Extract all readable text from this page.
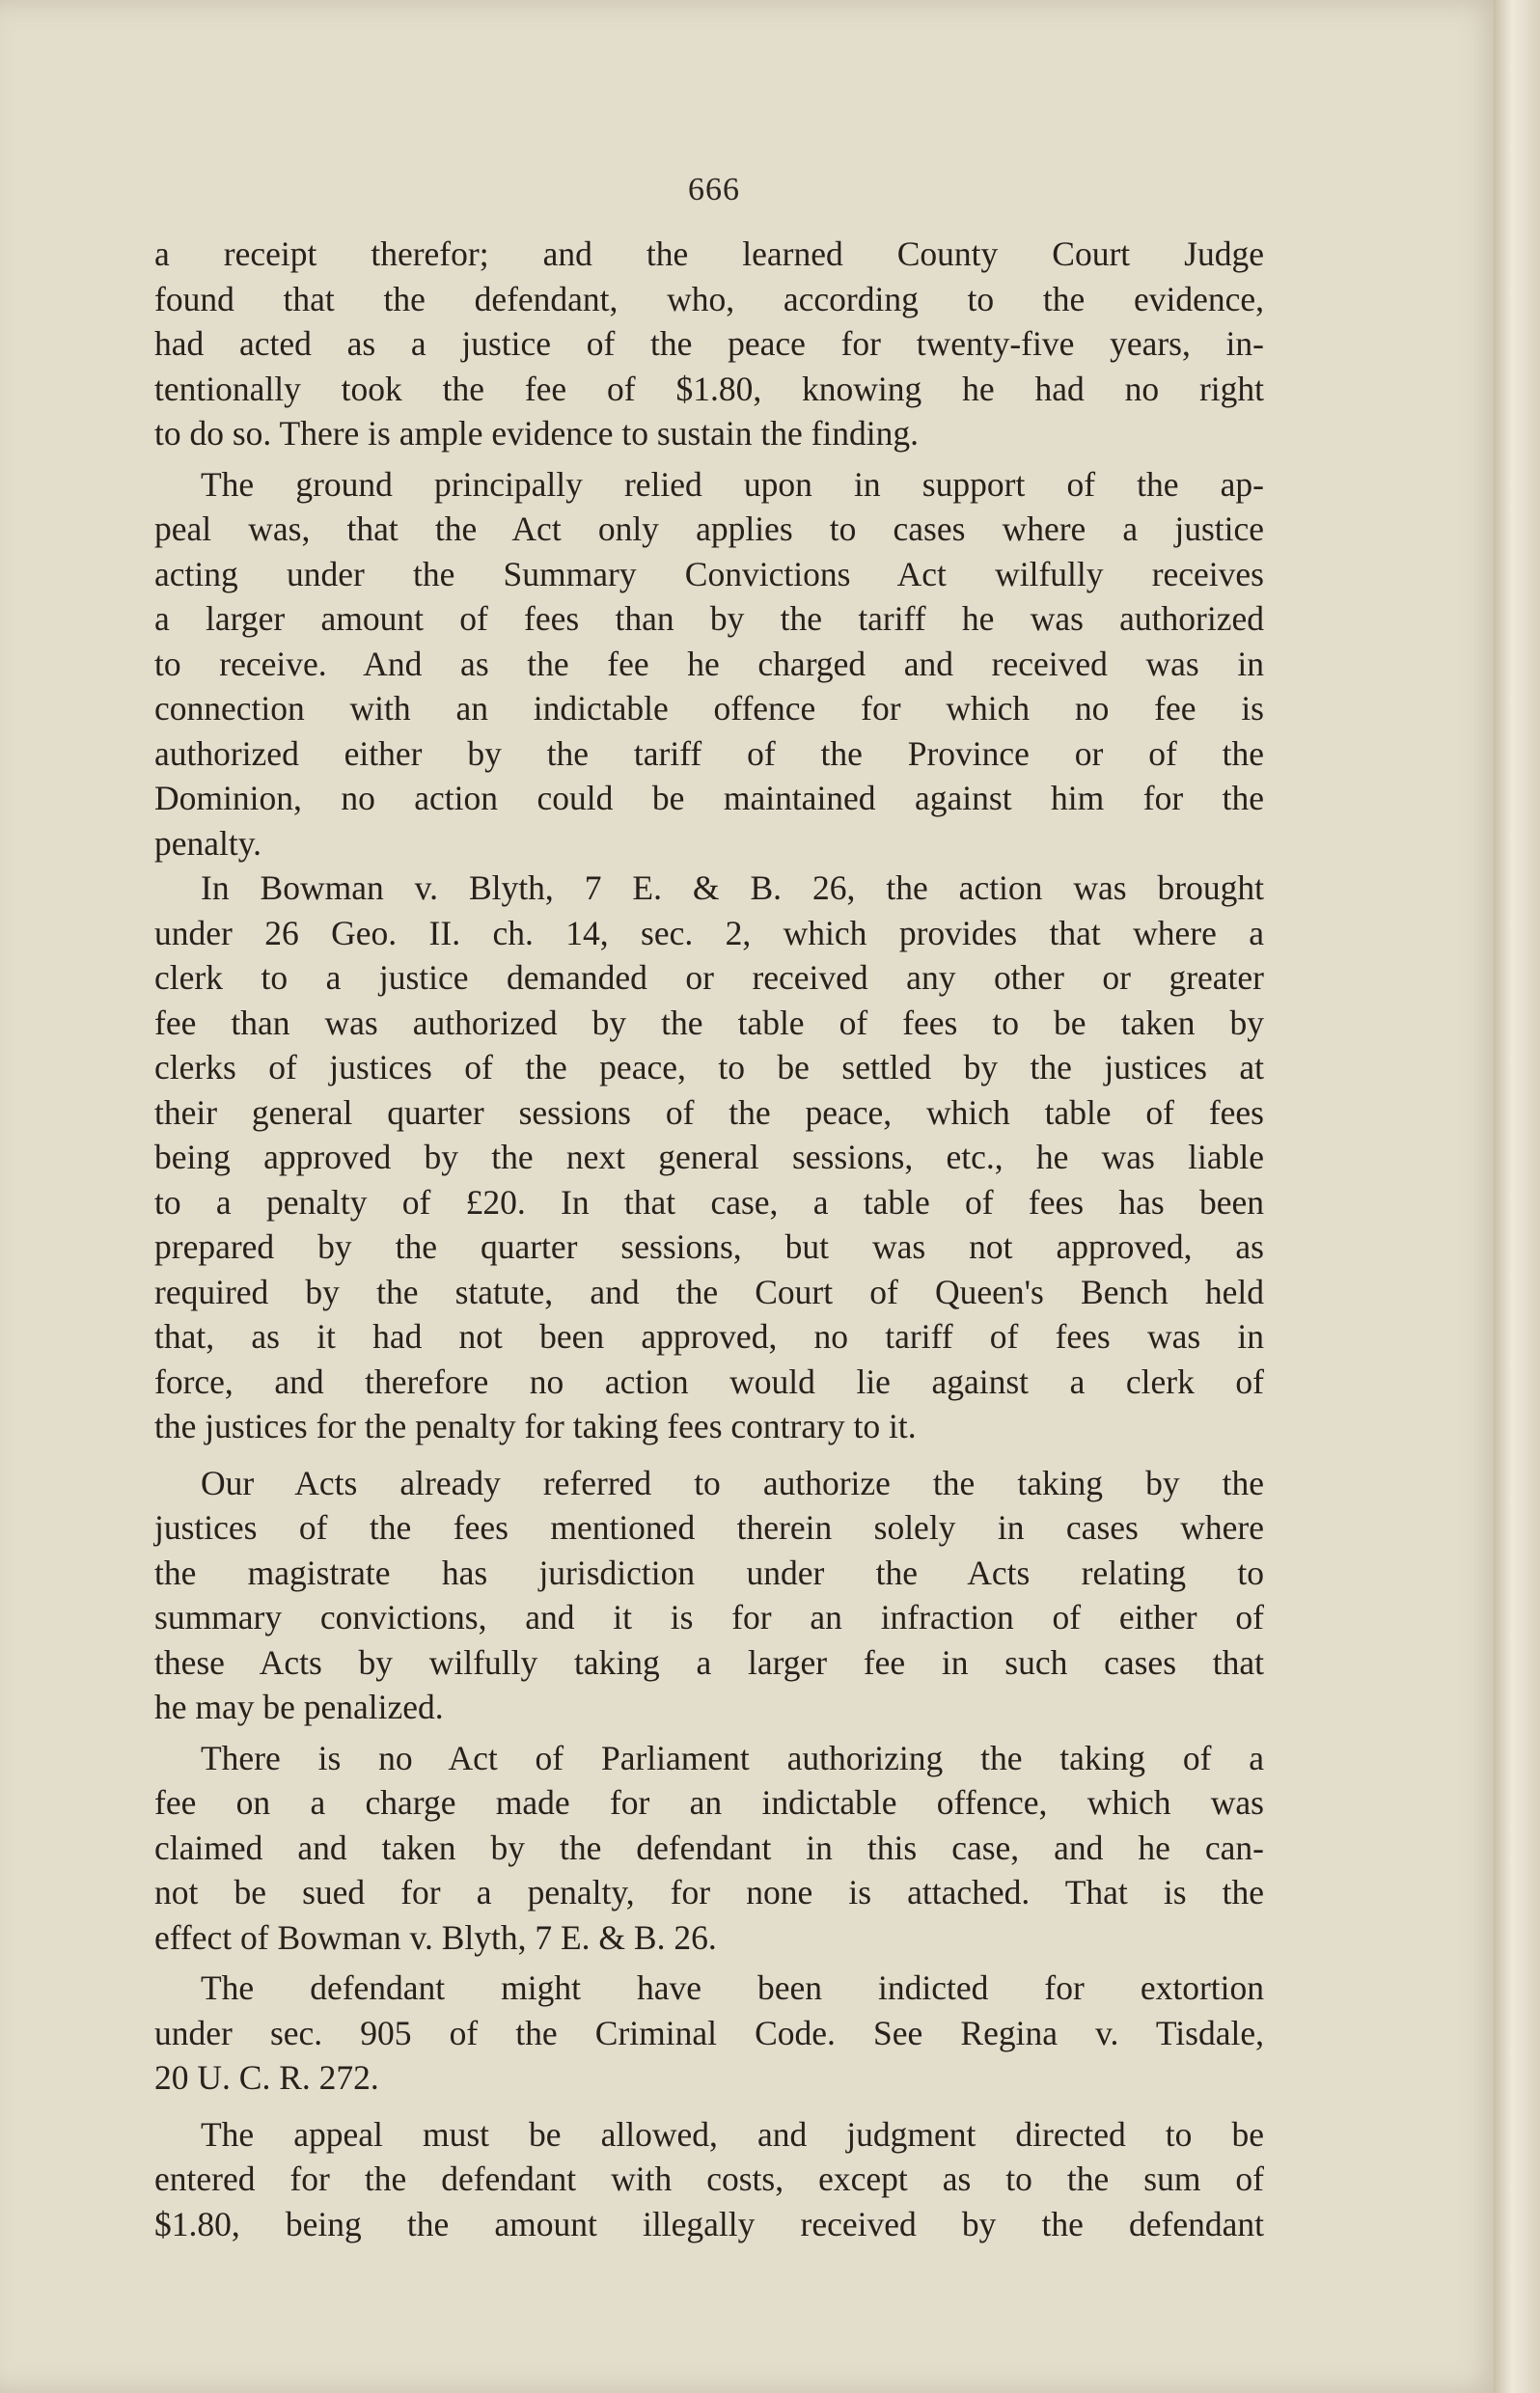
666
a receipt therefor; and the learned County Court Judge
found that the defendant, who, according to the evidence,
had acted as a justice of the peace for twenty-five years, in-
tentionally took the fee of $1.80, knowing he had no right
to do so. There is ample evidence to sustain the finding.
The ground principally relied upon in support of the ap-
peal was, that the Act only applies to cases where a justice
acting under the Summary Convictions Act wilfully receives
a larger amount of fees than by the tariff he was authorized
to receive. And as the fee he charged and received was in
connection with an indictable offence for which no fee is
authorized either by the tariff of the Province or of the
Dominion, no action could be maintained against him for the
penalty.
In Bowman v. Blyth, 7 E. & B. 26, the action was brought
under 26 Geo. II. ch. 14, sec. 2, which provides that where a
clerk to a justice demanded or received any other or greater
fee than was authorized by the table of fees to be taken by
clerks of justices of the peace, to be settled by the justices at
their general quarter sessions of the peace, which table of fees
being approved by the next general sessions, etc., he was liable
to a penalty of £20. In that case, a table of fees has been
prepared by the quarter sessions, but was not approved, as
required by the statute, and the Court of Queen's Bench held
that, as it had not been approved, no tariff of fees was in
force, and therefore no action would lie against a clerk of
the justices for the penalty for taking fees contrary to it.
Our Acts already referred to authorize the taking by the
justices of the fees mentioned therein solely in cases where
the magistrate has jurisdiction under the Acts relating to
summary convictions, and it is for an infraction of either of
these Acts by wilfully taking a larger fee in such cases that
he may be penalized.
There is no Act of Parliament authorizing the taking of a
fee on a charge made for an indictable offence, which was
claimed and taken by the defendant in this case, and he can-
not be sued for a penalty, for none is attached. That is the
effect of Bowman v. Blyth, 7 E. & B. 26.
The defendant might have been indicted for extortion
under sec. 905 of the Criminal Code. See Regina v. Tisdale,
20 U. C. R. 272.
The appeal must be allowed, and judgment directed to be
entered for the defendant with costs, except as to the sum of
$1.80, being the amount illegally received by the defendant
